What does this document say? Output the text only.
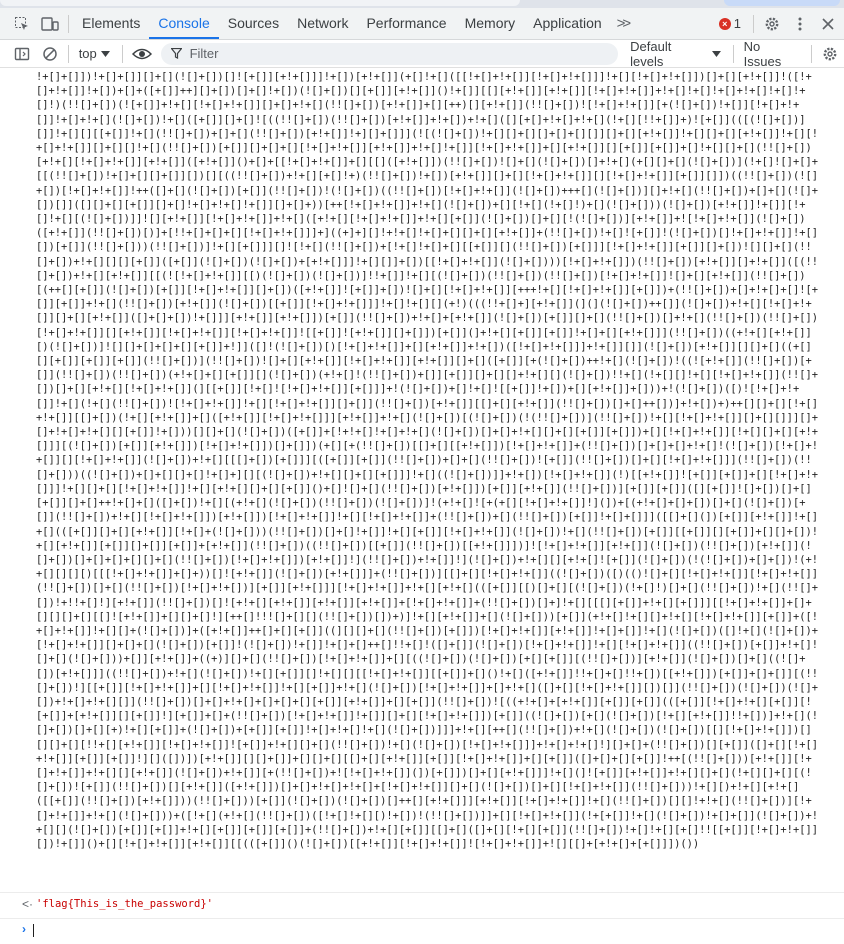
Elements	Console	Sources	Network	Performance	Memory	Application	>>	× 1
top
Filter	Default levels
No Issues
!+[]+[]])!+[]+[]][]+[](![]+[])[]![+[]][+!+[]]]!+[])[+!+[]](+[]!+[]([[!+[]+!+[]][!+[]+!+[]]]!+[][!+[]+!+[]])[]+[][+!+[]]!([!+[]+!+[]]!+[])+[]+([+[]]++][]+[])[]+[]!+[])(![]+[])[][+[]][+!+[]]()!+[]][[][+!+[]][+!+[]][!+[]+!+[]]+!+[]!+[]!+[]+!+[]!+[]!+[]!)(!![]+[])(![+[]]+!+[][!+[]+!+[]][]+[]+!+[](!![]+[])[+!+[]]+[][++)[][+!+[]](!![]+[])![!+[]+!+[]][+(![]+[])!+[]][!+[]+!+[]]!+[]+!+[](![]+[])!+[]([+[]][]+[]![((!![]+[])(!![]+[])[+!+[]]+!+[])+!+[]([][+[]+!+[]+!+[](!+[][!!+[]]+)![+[]](([(![]+[])][]]!+[][][[+[]]!+[](!![]+[])+[]+[](!![]+[])[+!+[]]!+][]+[]]](![(![]+[])!+[][]+[][]+[]+[][]][]+[][+!+[]]!+[][]+[][+!+[]]!+[][!+[]+!+[]][]+[][]!+[](!![]+[])[+[]][]+[]+[][!+[]+!+[]][+!+[]]+!+[]!+[]][!+[]+!+[]]+[][+!+[]][][+[]][+[]]+[]!+[][]+[](!![]+[])[+!+[][!+[]+!+[]][+!+[]]([+!+[]]()+[]+[[!+[]+!+[]]+[][[]([+!+[]])(!![]+[])![]+[](![]+[])[]+!+[](+[][]+[](![]+[])](!+[]![]+[]+[[(!![]+[])!+[]+[][]+[]][])[][((!![]+[])+!+[][+[]!+)(!![]+[])!+[])[+!+[]][]+[][!+[]+!+[]][][!+[]+!+[]][+[]][]])((!![]+[])(![]+[])[!+[]+!+[]]!++([]+[](![]+[])[+[]](!![]+[])!(![]+[])((!![]+[])[!+[]+!+[]](![]+[])+++[](![]+[])][]+!+[](!![]+[])+[]+[](![]+[])[]]([][]+[][+[]][]+[]!+[]+!+[]!+[]][]+[]+))[++[!+[]+!+[]]+!+[](![]+[])+[][!+[](!+[]!)+[](![]+[]))(![]+[])[+!+[]]!+[]][!+[]!+[][(![]+[])]]![][+!+[]][!+[]+!+[]]+!+[]([+!+[][!+[]+!+[]]+!+[][+[]](![]+[])[]+[][!(![]+[])][+!+[]]+![!+[]+!+[]](![]+[])([+!+[]](!![]+[])[)]+[!!+[]+[]+[][!+[]+!+[]]]+]((+]+][]!+!+[]!+[]+[][]+[][+!+[]]+(!![]+[])!+[]![+[]]!(![]+[])[]!+[]+!+[]]!+[][])[+[]](!![]+[]))(!![]+[])]!+[][+[]]][]![!+[](!![]+[])+[!+[]!+[]+[][[+[]][](!![]+[])[+[]]][!+[]+!+[]][+[]][]+[])![][]+[](!![]+[])+!+[][][][+[]]([+[]](![]+[])(![]+[])+[+!+[]]]!+[][]]+[])[[!+[]+!+[]](![]+[])))[!+[]+!+[]])(!![]+[])[+!+[]][]+!+[]]([(!![]+[])+!+[][+!+[]][[(![!+[]+!+[]][[)(![]+[])(![]+[])]!!+[]]!+[][(![]+[])(!![]+[])(!![]+[])[!+[]+!+[]]![]+[][+!+[]](!![]+[])[(++[][+[]](![]+[])[+[]][!+[]+!+[]][]+[])([+!+[]]![+[]]+[])![]+[][!+[]+!+[]][+++!+[][!+[]+!+[]][+[]])+(!![]+[])+[]+!+[]+[]![+[]][+[]]+!+[](!![]+[])[+!+[]](![]+[])[[+[]][!+[]+!+[]]]!+[]!+[][](+!)(((!!+[]+][+!+[]](](](![]+[])++[]](![]+[])+!+[][!+[]+!+[]][]+[][+!+[]]([]+[]+[])!+[]]][+!+[]][+!+[]])[+[]](!![]+[])+!+[]+[+!+[]](![]+[])[+[]][]+[](!![]+[])[]+!+[](!![]+[])(!![]+[])[!+[]+!+[]][][+!+[]][!+[]+!+[]][!+[]+!+[]]![[+[]]![+!+[]][]+[]])[+[]](]+!+[][+[]][+[]]!+[]+[][+!+[]]](!![]+[])((+!+[][+!+[]][)(![]+[])]![][]+[]+[]+[][+[]]+!]]([]!(![]+[])[)[!+[]+!+[]]+[][+!+[]]+!+[])([!+[]+!+[]]]+!+[]][]](![]+[])[+!+[]][][]+[]((+[][][+[]][+[]][+[]](!![]+[])](!![]+[])![]+[][+!+[]][!+[]+!+[]][+!+[]][]+[]([+[]][+(![]+[])++!+[](![]+[])!((![+!+[]](!![]+[])[+[]](!![]+[])(!![]+[])(+!+[]+[][+[]][](![]+[])(+!+[]!(!![]+[])+[]][+[]][]+[][]+!+[][](![]+[])!!+[](!+[][]!+[][!+[]+!+[]](!![]+[])[]+[][+!+[][!+[]+!+[]](][[+[]][!+[]![!+[]+!+[]][+[]]]+!(![]+[])+[]!+[]![[+[]]!+[])+[][+!+[]]+[]))+!(![]+[])([)![!+[]+!+[]]!+[](!+[](!![]+[])![!+[]+!+[]]!+[][!+[]+!+[]][]+[]](!![]+[])[+!+[]][[]+[][+!+[]](!![]+[])[]+[]++[])]+!+[])+)++[][]+[][!+[]+!+[]][[]+[])(!+[][+!+[]]+[]([+!+[]][!+[]+!+[]]][+!+[]]+!+[](![]+[])[(![]+[])(!(!![]+[])](!![]+[])!+[][!+[]+!+[]][]+[][]]][]+[]+!+[]+!+[][][+[]]!+[]))[][]+[](![]+[])([+[]]+[!+!+[]!+[]+!+[](![]+[])[]+[]+!+[][]+[][+[]][+[]])+[][!+[]+!+[]][!+[][]+[][+!+[]]][(![]+[])[+[]][+!+[]])[!+[]+!+[]])[]+[]])(+[][+(!![]+[])[[]+[][[+!+[]])[!+[]+!+[]]+(!![]+[])[]+[]+[]+!+[]!(![]+[])[!+[]+!+[]][][!+[]+!+[]](![]+[])+!+[][[[]+[])[+[]]][([+[]][+[]](!![]+[])+[]+[](!![]+[])![+[]](!![]+[])[]+[][!+[]+!+[]]](!![]+[])(!![]+[]))((![]+[])+[]+[][]+[]!+[]+][][(![]+[])+!+[][]+[][+[]]]!+[]((![]+[])]]+!+[])[!+[]+!+[]](!)[[+!+[]]![+[]][+[]]+[][!+[]+!+[]]]!+[][]+[][!+[]+!+[]]!+[][+!+[][]+[][+[]]()+[]![]+[](!![]+[])[+!+[]])[+[]][+!+[]](!![]+[])][+[]][+[]]([][+[]]![]+[])[]+[][+[]][]+[]++!+[]+[]([]+[])!+[][(+!+[](![]+[])(!![]+[])(![]+[])]!(+!+[]![+(+[][!+[]+!+[]]!](])+[(+!+[]+[]+[])[]+[](![]+[])[+[]](!![]+[])+!+[][!+[]+!+[]])[+!+[]])[!+[]+!+[]]!+[][!+[]+!+[]]+(!![]+[])+[](!![]+[])[+[]]!+[]+[]]]([[]+[](])[+[]][+!+[]]!+[]+[](([+[]][]+[][+!+[]][!+[]+(![]+[]))(!![]+[])[]+[]!+[]]!+[][+[]][!+[]+!+[]](![]+[])!+[](!![]+[])[+[]][[+[]][][+[]]+[][]+[])!+[][+!+[]][+[]][]+[]][+[]]+[+!+[]](!![]+[])((!![]+[])[[+[]](!![]+[])[[+!+[]]])]![!+[]+!+[]][+!+[]](![]+[])(!![]+[])[+!+[]](![]+[])[]+[]+[]+[][]+[](!![]+[])[!+[]+!+[]])[+!+[]]!](!![]+[])+!+[]]!](![]+[])+!+[][][+!+[]![+[]](![]+[])(!(![]+[])+[]+[])!(+!+[][][][)[[[!+[]+!+[]]+[]+))[]![+!+[]](![]+[])[+!+[]]]+(!![]+[])][[]+[][!+[]+!+[]]((![]+[])([)(()![]+[][!+[]+!+[]][!+[]+!+[]](!![]+[])[]+[](!![]+[])[!+[]+!+[])][+[]][+!+[]]][!+[]+!+[]]+!+[][+!+[](([+[]][[)[]+[][(![]+[])(!+[]!)[]+[](!![]+[])!+[](!![]+[])!+!!+[]!][+!+[]](!![]+[])[]![+!+[][+!+[]][+!+[]][+!+[]]+[!+[]+!+[]]+(!![]+[])[]+]!+[][[[][+[]]+!+[][+[]]][[!+[]+!+[]]+[]+[][][]+[][[]![+!+[]]+[][]+[]!][++[]!!![]+[][](!![]+[])[])+)]!+[][+!+[]]+[](![]+[]))[+[]](+!+[]!+[][]+!+[][!+[]+!+[]][+[]]+([!+[]+!+[]]!+[][]+(![]+[])]+([+!+[]]++[]+[][+[]]((][][]+[](!![]+[])[+[]])[!+[]+!+[]][+!+[]]!+[]+[]]!+[](![]+[])([]!+[](![]+[])+[!+[]+!+[]][]+[]+[](![]+[])[+[]]!(![]+[])!+[]]!+[]+[]++[]!!+[]!([]+[]](![]+[])[!+[]+!+[]]!+[][!+[]+!+[]]((!![]+[])[+[]]+!+[]![]+[](![]+[]))+[]][+!+[]]+((+)][]+[](!![]+[])[!+[]+!+[]]+[][((![]+[])(![]+[])[+[][+[]][(!![]+[])][+!+[]](![]+[])[]+[]((![]+[])[+!+[]]]((!![]+[])+!+[](![]+[])!+[][+[]][]!+[][][[!+[]+!+[]][[+[]]+[]()!+[]([+!+[]]!!+[]+[]!!+[])[[+!+[]])[+[]]+[]+[]][(!![]+[])!][[+[]][!+[]+!+[]]+[][!+[]+!+[]]!+[][+[]]+!+[](![]+[])[!+[]+!+[]]+[]+!+[]([]+[][!+[]+!+[]][])[]](!![]+[])(![]+[])(![]+[])+!+[]+!+[][]](!![]+[])[]+[]+!+[]+[]+[]+[][+[]][+!+[]]+[][+[]](!![]+[])![((+!+[]+[+!+[]][+[]][+[]](([+[]][!+[]+!+[][+[]][![+[]]+[+!+[]][][+[]]!][+[]]+[]+(!![]+[])[!+[]+!+[]]!+[]][]+[][!+[]+!+[]])[+[]]((![]+[])[+[](![]+[])[!+[][+!+[]]!!+[])]+!+[](![]+[])[]+[][+)!+[][+[]]+(![]+[])+[+[]][+[]]!+[]+!+[]!+[](![]+[])]]]+!+[][++[](!![]+[])+!+[](![]+[])(![]+[])[[][!+[]+!+[]])[][][]+[][!!+[][+!+[]][!+[]+!+[]]![+[]]+!+[][]+[](!![]+[])!+[](![]+[])[!+[]+!+[]]]+!+[]+!+[]!][]+[]+(!![]+[])[][+[]]([]+[][!+[]+!+[]][+[]][+[]]!][]([])])[+!+[]][][]+[]]+[][]+[][[]+[][+!+[]][+[]][!+[]+!+[]]+[][+[]]([]+[]+[][+[]]!++[(!![]+[]))[+!+[]][!+[]+!+[]]+!+[][][+!+[]](![]+[])+!+[]][+(!![]+[])+![!+[]+!+[]](])[+[]])[]+[][+!+[]]]!+[](]![+[]][+!+[]]+!+[][]+[](!+[][]+[][(![]+[])![+[]](!![]+[])[][+!+[]]([+!+[]])[]+[]+!+[]+!+[]+[!+[]+!+[]][]+[](![]+[])[]+[][!+[]+!+[]](!![]+[]))!+[][)+!+[][+!+[]([[+[]](!![]+[])[+!+[]]))(!![]+[]))[+[]](![]+[])(![]+[])[]++[][+!+[]]][+!+[]][!+[]+!+[]]!+[](!![]+[])[][]!+!+[](!![]+[])][!+[]+!+[]]+!+[](![]+[]))+([!+[](+!+[](!![]+[])([!+[]!+[][)!+[])!(!![]+[])]]+[][!+[]+!+[]](!+[+[]]!+[](![]+[])!+[]+[]](![]+[])+!+[][](![]+[])[+[]][+[]]+!+[][+[]][+[]][+[]]+(!![]+[])+!+[][+[]][[]+[]([]+[][!+[][+[]](!![]+[])!+[]!+[][+[]!![[+[]][!+[]+!+[]][])!+[]]()+[][!+[]+!+[]][+!+[]][[(([+[]]()(![]+[])[[+!+[]][!+[]+!+[]]![!+[]+!+[]]+![][[]+[+!+[]+[+[]]])())
<· 'flag{This_is_the_password}'
›
